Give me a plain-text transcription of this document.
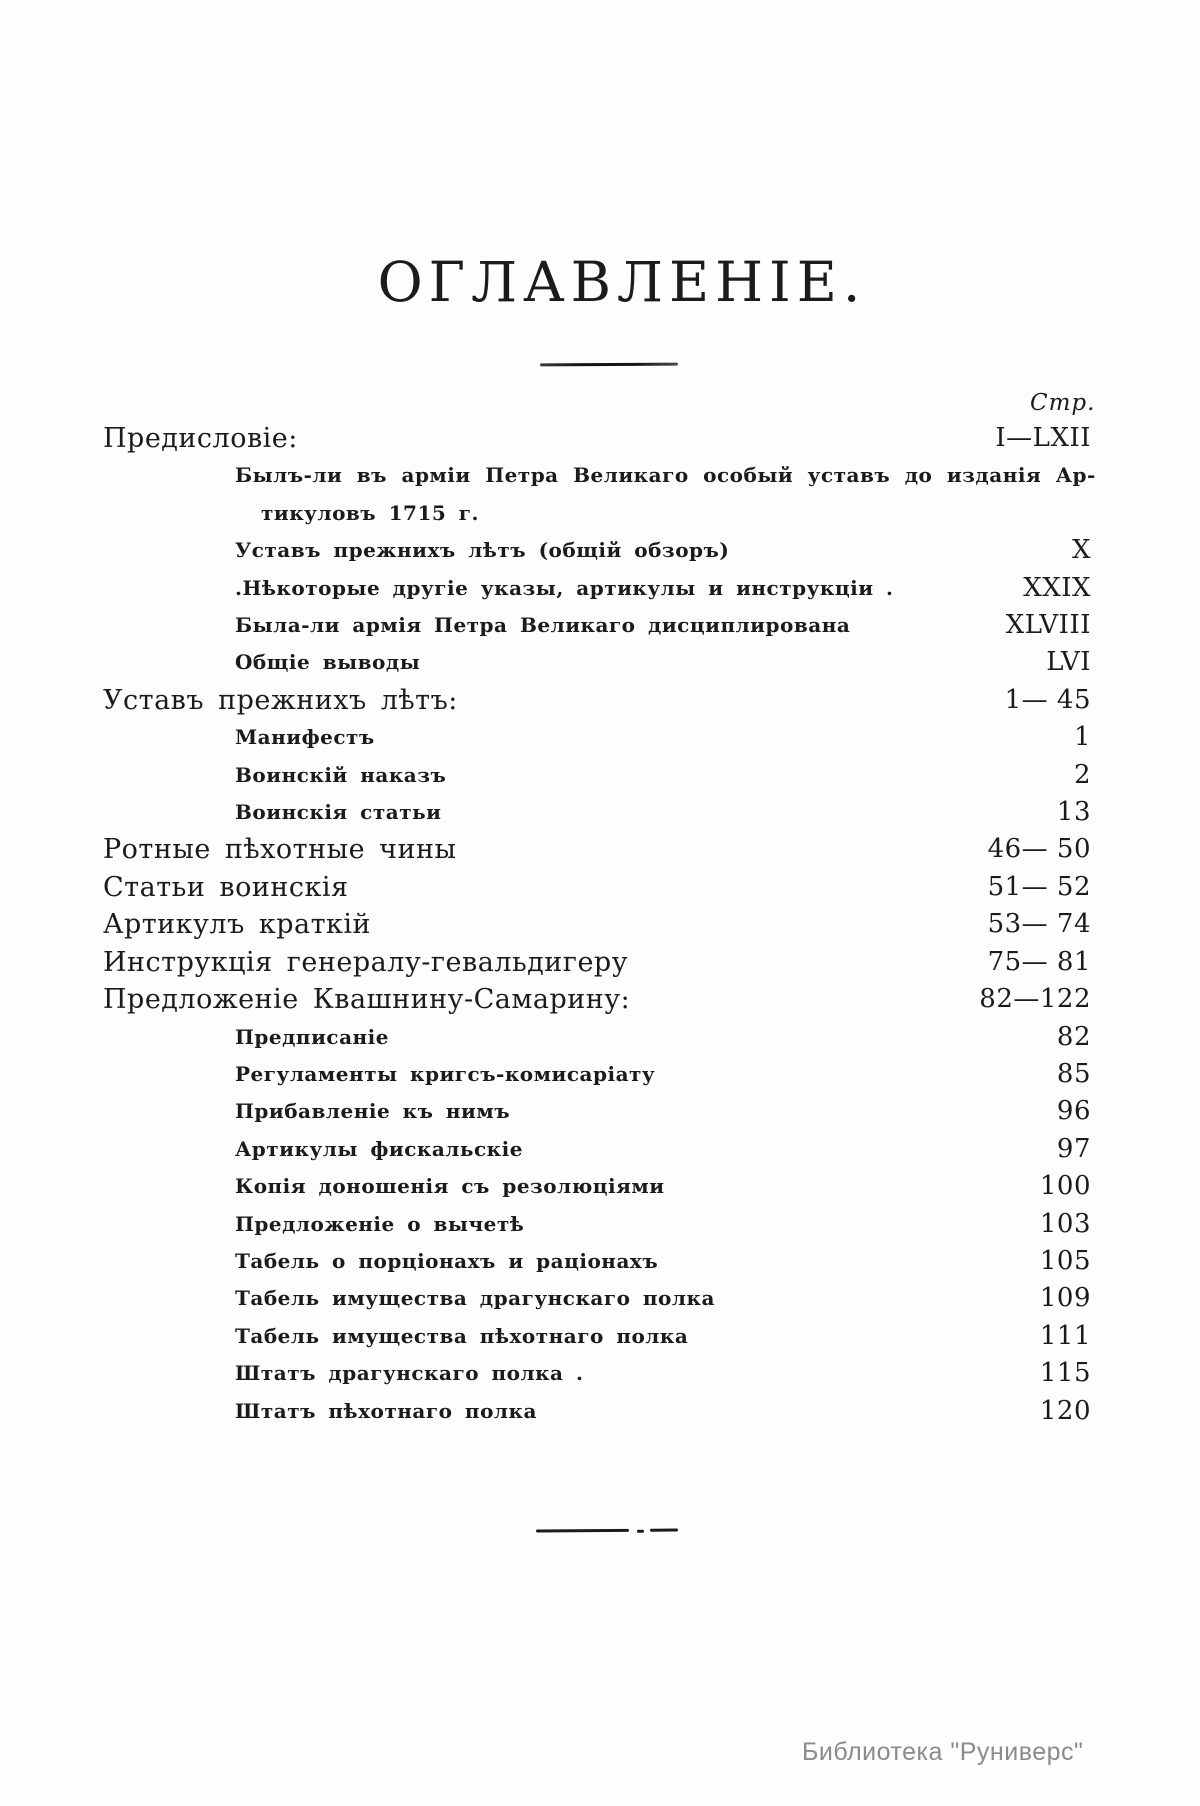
ОГЛАВЛЕНІЕ.
Стр.
Предисловіе:	I—LXII
Былъ-ли въ арміи Петра Великаго особый уставъ до изданія Ар-
тикуловъ 1715 г.
Уставъ прежнихъ лѣтъ (общій обзоръ)	X
.Нѣкоторые другіе указы, артикулы и инструкціи .	XXIX
Была-ли армія Петра Великаго дисциплирована	XLVIII
Общіе выводы	LVI
Уставъ прежнихъ лѣтъ:	1— 45
Манифестъ	1
Воинскій наказъ	2
Воинскія статьи	13
Ротные пѣхотные чины	46— 50
Статьи воинскія	51— 52
Артикулъ краткій	53— 74
Инструкція генералу-гевальдигеру	75— 81
Предложеніе Квашнину-Самарину:	82—122
Предписаніе	82
Регуламенты кригсъ-комисаріату	85
Прибавленіе къ нимъ	96
Артикулы фискальскіе	97
Копія доношенія съ резолюціями	100
Предложеніе о вычетѣ	103
Табель о порціонахъ и раціонахъ	105
Табель имущества драгунскаго полка	109
Табель имущества пѣхотнаго полка	111
Штатъ драгунскаго полка .	115
Штатъ пѣхотнаго полка	120
Библиотека "Руниверс"
